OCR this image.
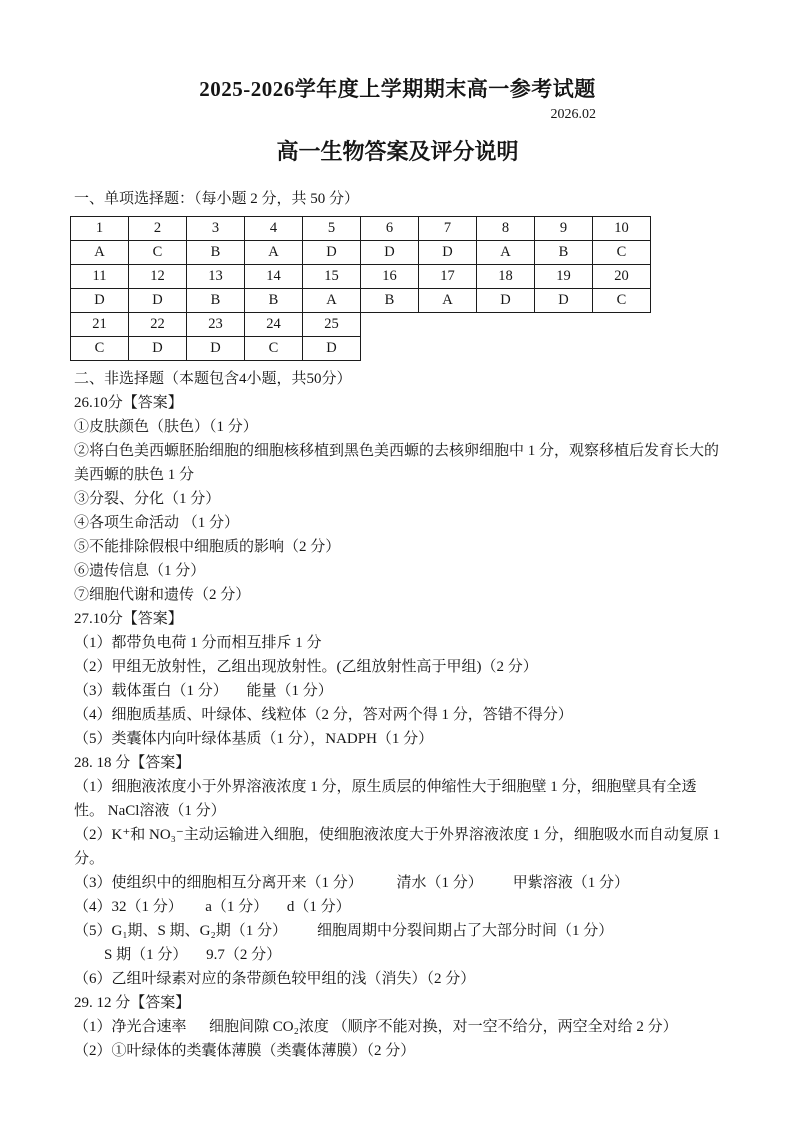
2025-2026学年度上学期期末高一参考试题
2026.02
高一生物答案及评分说明
一、单项选择题：（每小题 2 分，共 50 分）
1	2	3	4	5	6	7	8	9	10
A	C	B	A	D	D	D	A	B	C
11	12	13	14	15	16	17	18	19	20
D	D	B	B	A	B	A	D	D	C
21	22	23	24	25					
C	D	D	C	D					
二、非选择题（本题包含4小题，共50分）
26.10分【答案】
①皮肤颜色（肤色）（1 分）
②将白色美西螈胚胎细胞的细胞核移植到黑色美西螈的去核卵细胞中 1 分，观察移植后发育长大的美西螈的肤色 1 分
③分裂、分化（1 分）
④各项生命活动 （1 分）
⑤不能排除假根中细胞质的影响（2 分）
⑥遗传信息（1 分）
⑦细胞代谢和遗传（2 分）
27.10分【答案】
（1）都带负电荷 1 分而相互排斥 1 分
（2）甲组无放射性，乙组出现放射性。(乙组放射性高于甲组)（2 分）
（3）载体蛋白（1 分）     能量（1 分）
（4）细胞质基质、叶绿体、线粒体（2 分，答对两个得 1 分，答错不得分）
（5）类囊体内向叶绿体基质（1 分），NADPH（1 分）
28. 18 分【答案】
（1）细胞液浓度小于外界溶液浓度 1 分，原生质层的伸缩性大于细胞壁 1 分，细胞壁具有全透性。 NaCl溶液（1 分）
（2）K⁺和 NO₃⁻主动运输进入细胞，使细胞液浓度大于外界溶液浓度 1 分，细胞吸水而自动复原 1 分。
（3）使组织中的细胞相互分离开来（1 分）         清水（1 分）        甲紫溶液（1 分）
（4）32（1 分）      a（1 分）     d（1 分）
（5）G₁期、S 期、G₂期（1 分）        细胞周期中分裂间期占了大部分时间（1 分）
S 期（1 分）     9.7（2 分）
（6）乙组叶绿素对应的条带颜色较甲组的浅（消失）（2 分）
29. 12 分【答案】
（1）净光合速率      细胞间隙 CO₂浓度 （顺序不能对换，对一空不给分，两空全对给 2 分）
（2）①叶绿体的类囊体薄膜（类囊体薄膜）（2 分）
